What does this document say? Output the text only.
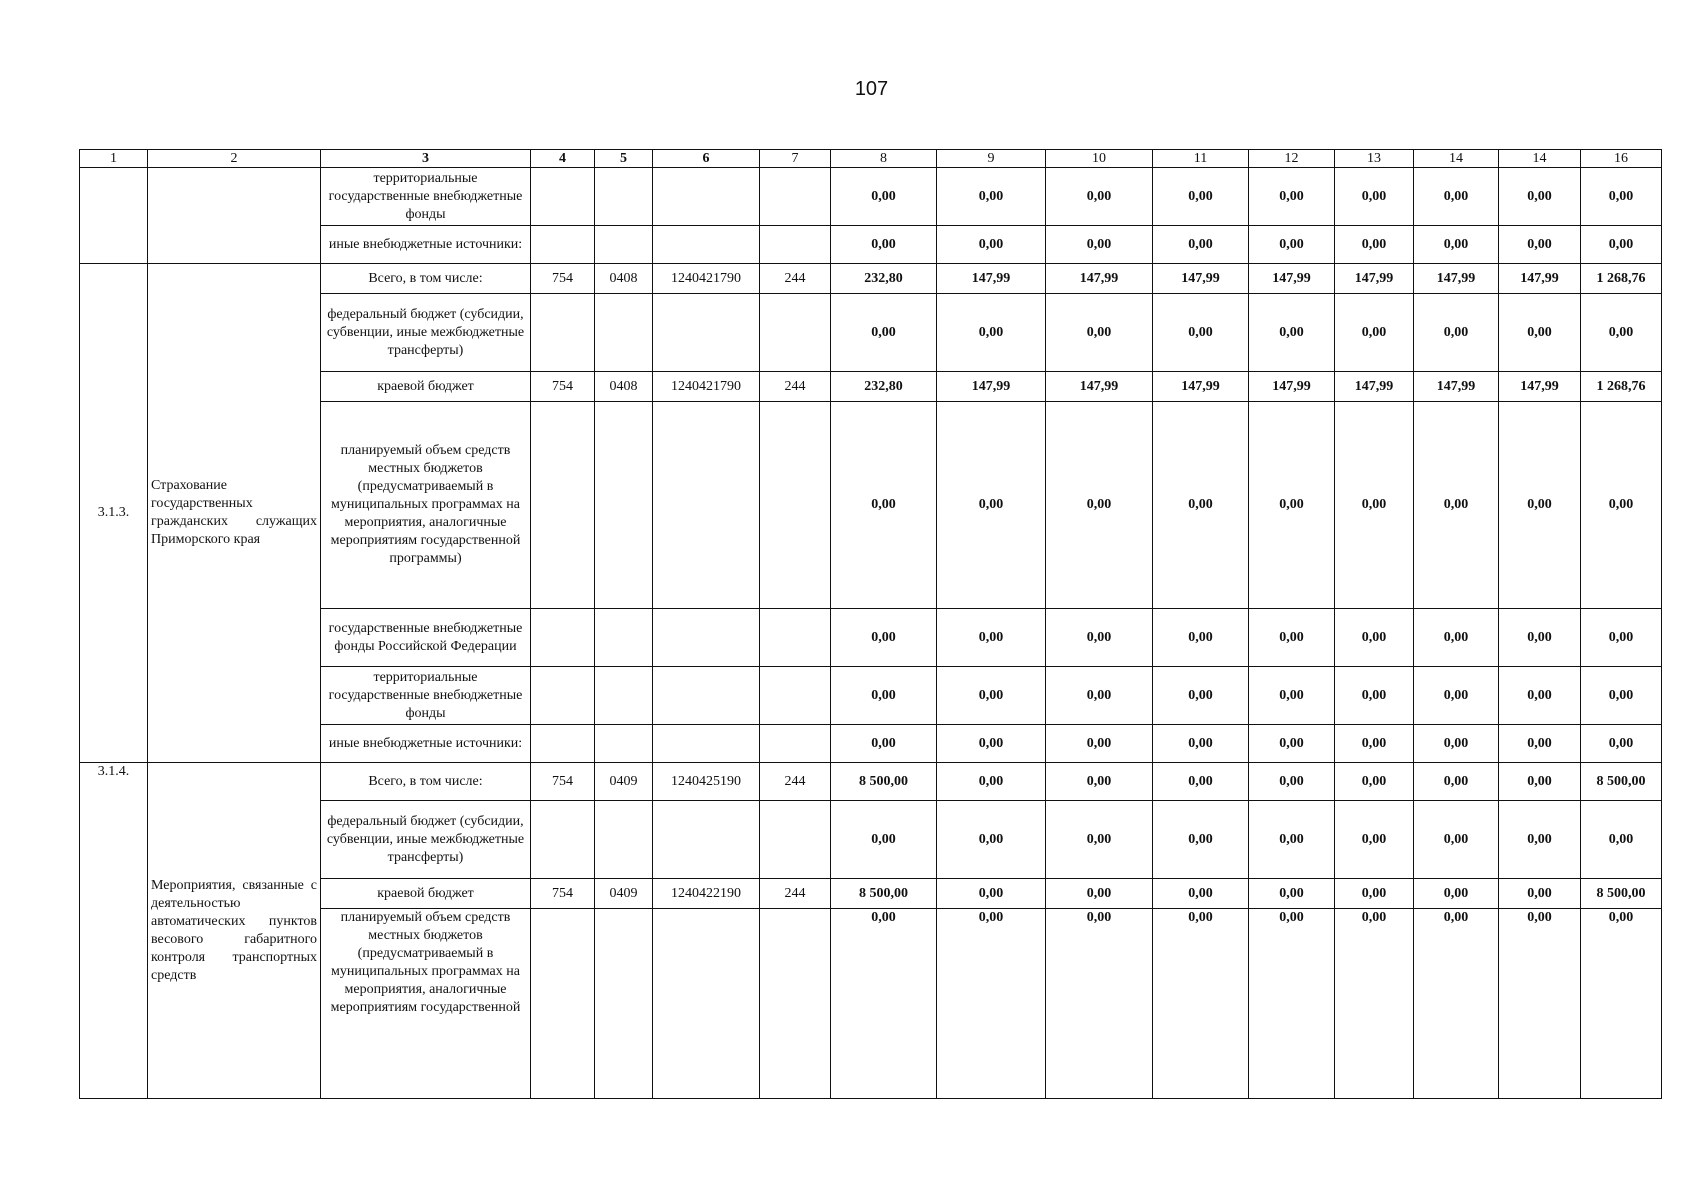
107
1	2	3	4	5	6	7	8	9	10	11	12	13	14	14	16
		территориальные государственные внебюджетные фонды					0,00	0,00	0,00	0,00	0,00	0,00	0,00	0,00	0,00
		иные внебюджетные источники:					0,00	0,00	0,00	0,00	0,00	0,00	0,00	0,00	0,00
3.1.3.	Страхование государственных гражданских служащих Приморского края	Всего, в том числе:	754	0408	1240421790	244	232,80	147,99	147,99	147,99	147,99	147,99	147,99	147,99	1 268,76
		федеральный бюджет (субсидии, субвенции, иные межбюджетные трансферты)					0,00	0,00	0,00	0,00	0,00	0,00	0,00	0,00	0,00
		краевой бюджет	754	0408	1240421790	244	232,80	147,99	147,99	147,99	147,99	147,99	147,99	147,99	1 268,76
		планируемый объем средств местных бюджетов (предусматриваемый в муниципальных программах на мероприятия, аналогичные мероприятиям государственной программы)					0,00	0,00	0,00	0,00	0,00	0,00	0,00	0,00	0,00
		государственные внебюджетные фонды Российской Федерации					0,00	0,00	0,00	0,00	0,00	0,00	0,00	0,00	0,00
		территориальные государственные внебюджетные фонды					0,00	0,00	0,00	0,00	0,00	0,00	0,00	0,00	0,00
		иные внебюджетные источники:					0,00	0,00	0,00	0,00	0,00	0,00	0,00	0,00	0,00
3.1.4.	Мероприятия, связанные с деятельностью автоматических пунктов весового габаритного контроля транспортных средств	Всего, в том числе:	754	0409	1240425190	244	8 500,00	0,00	0,00	0,00	0,00	0,00	0,00	0,00	8 500,00
		федеральный бюджет (субсидии, субвенции, иные межбюджетные трансферты)					0,00	0,00	0,00	0,00	0,00	0,00	0,00	0,00	0,00
		краевой бюджет	754	0409	1240422190	244	8 500,00	0,00	0,00	0,00	0,00	0,00	0,00	0,00	8 500,00
		планируемый объем средств местных бюджетов (предусматриваемый в муниципальных программах на мероприятия, аналогичные мероприятиям государственной					0,00	0,00	0,00	0,00	0,00	0,00	0,00	0,00	0,00
